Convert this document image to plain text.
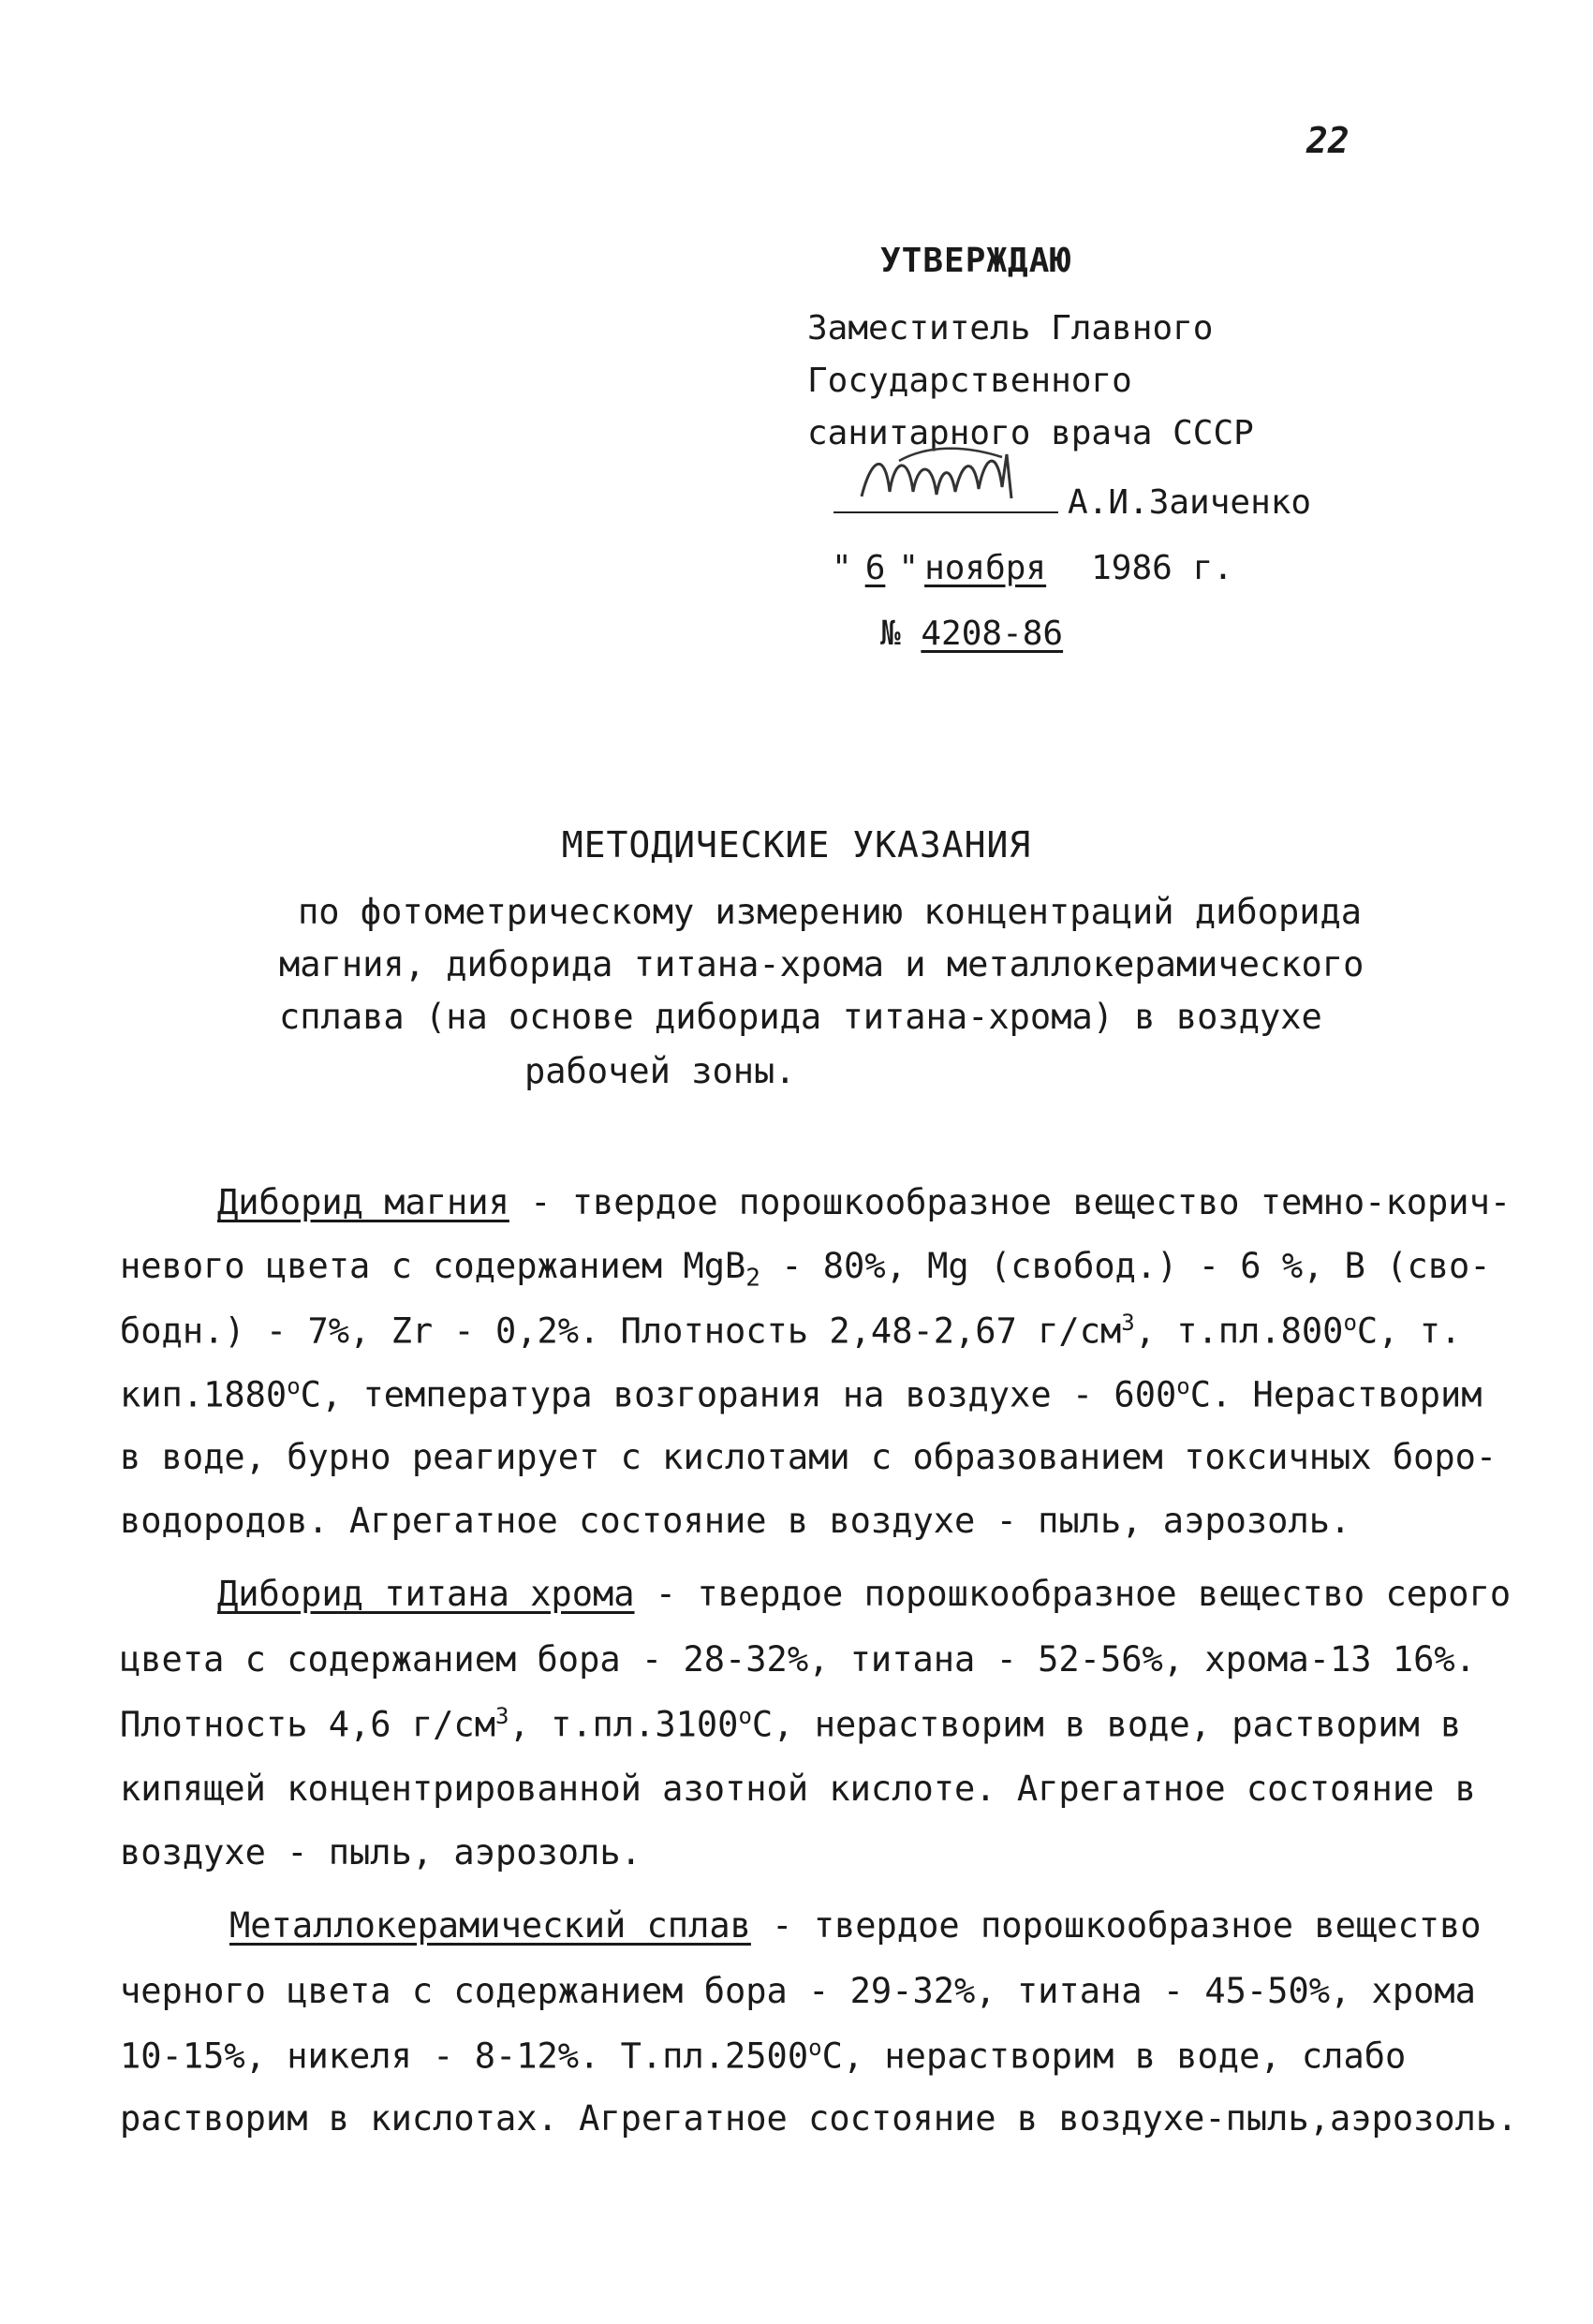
22
УТВЕРЖДАЮ
Заместитель Главного
Государственного
санитарного врача СССР
А.И.Заиченко
" 6 " ноября 1986 г.
№ 4208-86
МЕТОДИЧЕСКИЕ УКАЗАНИЯ
по фотометрическому измерению концентраций диборида
магния, диборида титана-хрома и металлокерамического
сплава (на основе диборида титана-хрома) в воздухе
рабочей зоны.
Диборид магния - твердое порошкообразное вещество темно-корич-
невого цвета с содержанием MgB$_2$ - 80%, Mg (свобод.) - 6 %, B (сво-
бодн.) - 7%, Zr - 0,2%. Плотность 2,48-2,67 $г/см^3$, $т.пл.800^оС$, т.
$кип.1880^оС$, температура возгорания на воздухе - $600^оС$. Нерастворим
в воде, бурно реагирует с кислотами с образованием токсичных боро-
водородов. Агрегатное состояние в воздухе - пыль, аэрозоль.
Диборид титана хрома - твердое порошкообразное вещество серого
цвета с содержанием бора - 28-32%, титана - 52-56%, хрома-13 16%.
Плотность 4,6 $г/см^3$, $т.пл.3100^оС$, нерастворим в воде, растворим в
кипящей концентрированной азотной кислоте. Агрегатное состояние в
воздухе - пыль, аэрозоль.
Металлокерамический сплав - твердое порошкообразное вещество
черного цвета с содержанием бора - 29-32%, титана - 45-50%, хрома
10-15%, никеля - 8-12%. $Т.пл.2500^оС$, нерастворим в воде, слабо
растворим в кислотах. Агрегатное состояние в воздухе-пыль,аэрозоль.
